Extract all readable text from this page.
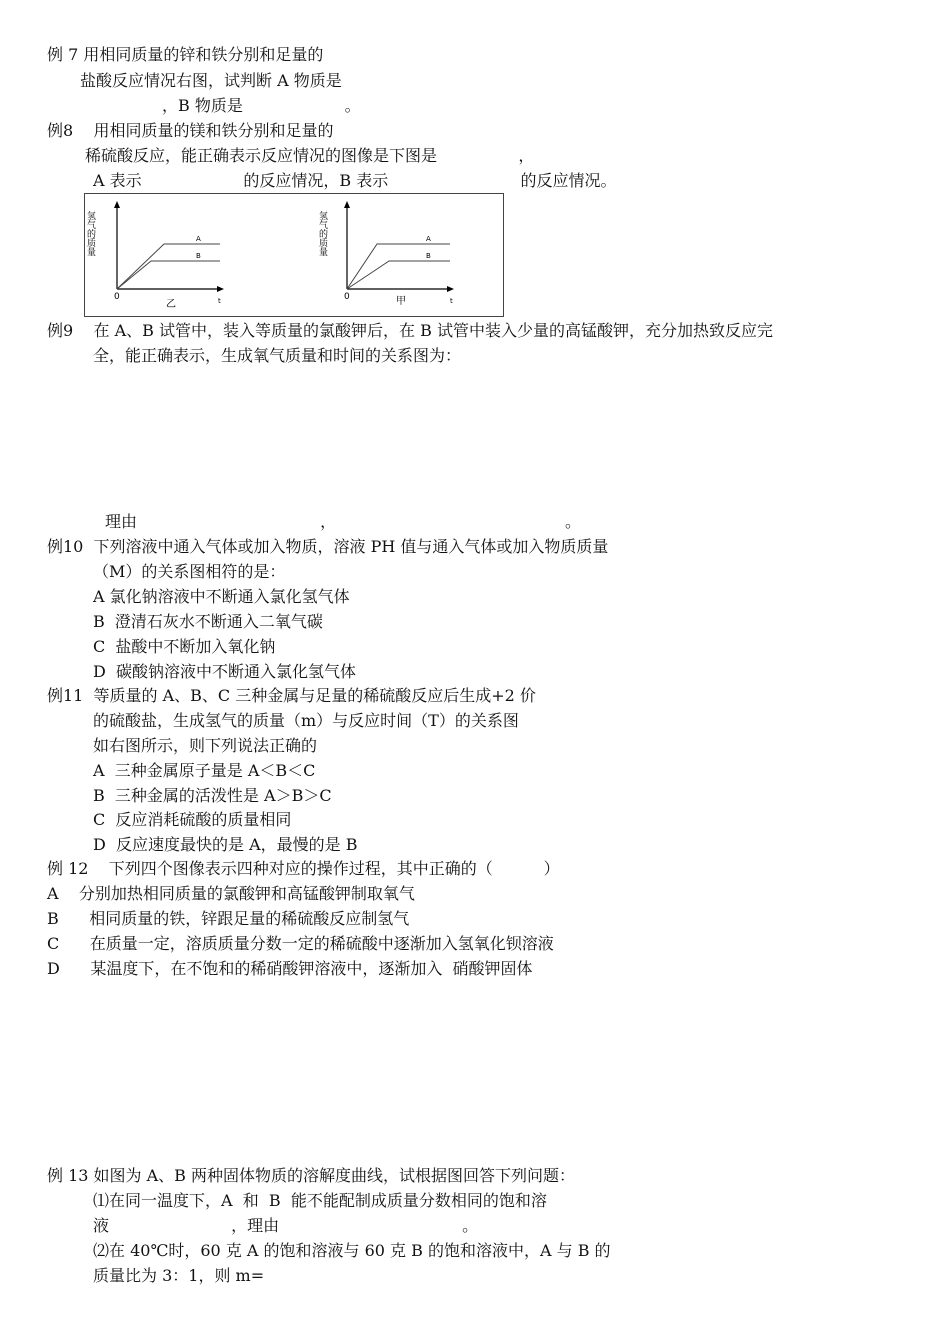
例 7 用相同质量的锌和铁分别和足量的
盐酸反应情况右图，试判断 A 物质是
，B 物质是                    。
例8    用相同质量的镁和铁分别和足量的
稀硫酸反应，能正确表示反应情况的图像是下图是                ，
A 表示                    的反应情况，B 表示                          的反应情况。
氢气的质量	A
B
0
乙	t
氢气的质量	A
B
0	甲	t
例9    在 A、B 试管中，装入等质量的氯酸钾后，在 B 试管中装入少量的高锰酸钾，充分加热致反应完
全，能正确表示，生成氧气质量和时间的关系图为：
理由                                    ，                                             。
例10  下列溶液中通入气体或加入物质，溶液 PH 值与通入气体或加入物质质量
（M）的关系图相符的是：
A 氯化钠溶液中不断通入氯化氢气体
B  澄清石灰水不断通入二氧气碳
C  盐酸中不断加入氧化钠
D  碳酸钠溶液中不断通入氯化氢气体
例11  等质量的 A、B、C 三种金属与足量的稀硫酸反应后生成+2 价
的硫酸盐，生成氢气的质量（m）与反应时间（T）的关系图
如右图所示，则下列说法正确的
A  三种金属原子量是 A＜B＜C
B  三种金属的活泼性是 A＞B＞C
C  反应消耗硫酸的质量相同
D  反应速度最快的是 A，最慢的是 B
例 12    下列四个图像表示四种对应的操作过程，其中正确的（          ）
A    分别加热相同质量的氯酸钾和高锰酸钾制取氧气
B      相同质量的铁，锌跟足量的稀硫酸反应制氢气
C      在质量一定，溶质质量分数一定的稀硫酸中逐渐加入氢氧化钡溶液
D      某温度下，在不饱和的稀硝酸钾溶液中，逐渐加入  硝酸钾固体
例 13 如图为 A、B 两种固体物质的溶解度曲线，试根据图回答下列问题：
⑴在同一温度下，A  和  B  能不能配制成质量分数相同的饱和溶
液                        ，理由                                    。
⑵在 40℃时，60 克 A 的饱和溶液与 60 克 B 的饱和溶液中，A 与 B 的
质量比为 3：1，则 m=
